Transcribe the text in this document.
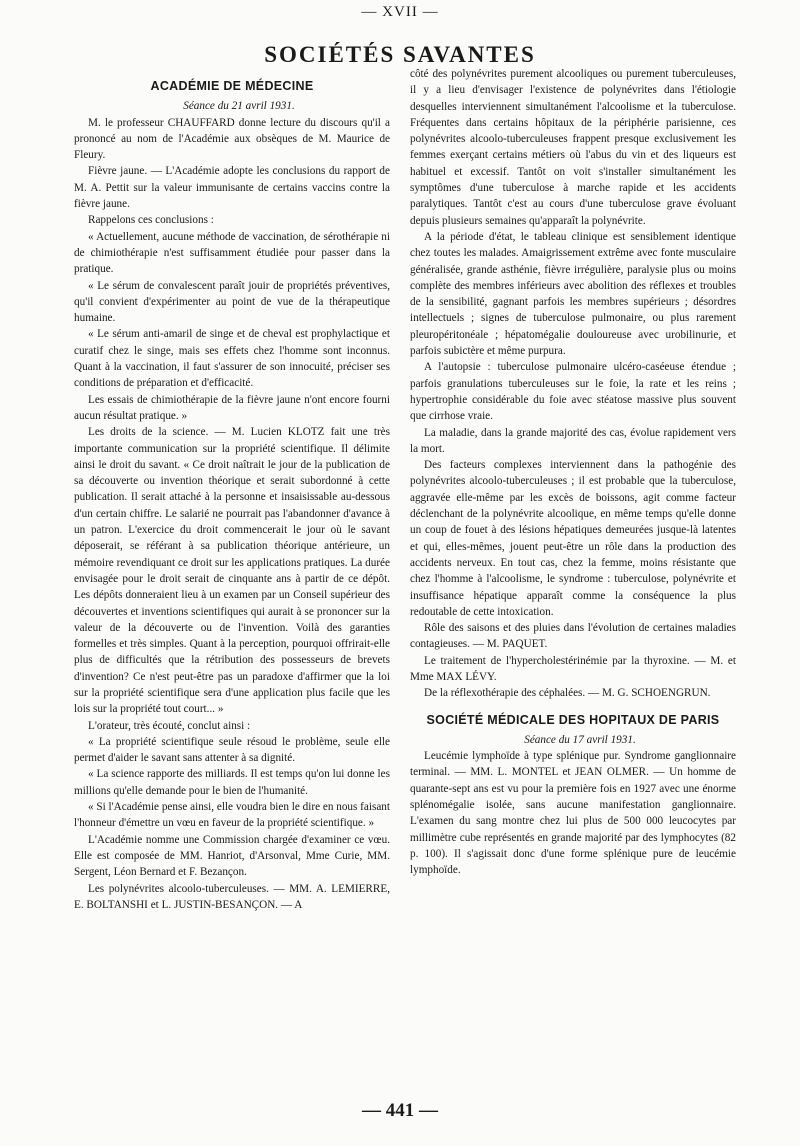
— XVII —
SOCIÉTÉS SAVANTES
ACADÉMIE DE MÉDECINE

Séance du 21 avril 1931.

M. le professeur CHAUFFARD donne lecture du discours qu'il a prononcé au nom de l'Académie aux obsèques de M. Maurice de Fleury.

Fièvre jaune. — L'Académie adopte les conclusions du rapport de M. A. Pettit sur la valeur immunisante de certains vaccins contre la fièvre jaune.

Rappelons ces conclusions :

« Actuellement, aucune méthode de vaccination, de sérothérapie ni de chimiothérapie n'est suffisamment étudiée pour passer dans la pratique.

« Le sérum de convalescent paraît jouir de propriétés préventives, qu'il convient d'expérimenter au point de vue de la thérapeutique humaine.

« Le sérum anti-amaril de singe et de cheval est prophylactique et curatif chez le singe, mais ses effets chez l'homme sont inconnus. Quant à la vaccination, il faut s'assurer de son innocuité, préciser ses conditions de préparation et d'efficacité.

Les essais de chimiothérapie de la fièvre jaune n'ont encore fourni aucun résultat pratique. »

Les droits de la science. — M. Lucien KLOTZ fait une très importante communication sur la propriété scientifique. Il délimite ainsi le droit du savant. « Ce droit naîtrait le jour de la publication de sa découverte ou invention théorique et serait subordonné à cette publication. Il serait attaché à la personne et insaisissable au-dessous d'un certain chiffre. Le salarié ne pourrait pas l'abandonner d'avance à un patron. L'exercice du droit commencerait le jour où le savant déposerait, se référant à sa publication théorique antérieure, un mémoire revendiquant ce droit sur les applications pratiques. La durée envisagée pour le droit serait de cinquante ans à partir de ce dépôt. Les dépôts donneraient lieu à un examen par un Conseil supérieur des découvertes et inventions scientifiques qui aurait à se prononcer sur la valeur de la découverte ou de l'invention. Voilà des garanties formelles et très simples. Quant à la perception, pourquoi offrirait-elle plus de difficultés que la rétribution des possesseurs de brevets d'invention? Ce n'est peut-être pas un paradoxe d'affirmer que la loi sur la propriété scientifique sera d'une application plus facile que les lois sur la propriété tout court... »

L'orateur, très écouté, conclut ainsi :

« La propriété scientifique seule résoud le problème, seule elle permet d'aider le savant sans attenter à sa dignité.

« La science rapporte des milliards. Il est temps qu'on lui donne les millions qu'elle demande pour le bien de l'humanité.

« Si l'Académie pense ainsi, elle voudra bien le dire en nous faisant l'honneur d'émettre un vœu en faveur de la propriété scientifique. »

L'Académie nomme une Commission chargée d'examiner ce vœu. Elle est composée de MM. Hanriot, d'Arsonval, Mme Curie, MM. Sergent, Léon Bernard et F. Bezançon.

Les polynévrites alcoolo-tuberculeuses. — MM. A. LEMIERRE, E. BOLTANSHI et L. JUSTIN-BESANÇON. — A

côté des polynévrites purement alcooliques ou purement tuberculeuses, il y a lieu d'envisager l'existence de polynévrites dans l'étiologie desquelles interviennent simultanément l'alcoolisme et la tuberculose. Fréquentes dans certains hôpitaux de la périphérie parisienne, ces polynévrites alcoolo-tuberculeuses frappent presque exclusivement les femmes exerçant certains métiers où l'abus du vin et des liqueurs est habituel et excessif. Tantôt on voit s'installer simultanément les symptômes d'une tuberculose à marche rapide et les accidents paralytiques. Tantôt c'est au cours d'une tuberculose grave évoluant depuis plusieurs semaines qu'apparaît la polynévrite.

A la période d'état, le tableau clinique est sensiblement identique chez toutes les malades. Amaigrissement extrême avec fonte musculaire généralisée, grande asthénie, fièvre irrégulière, paralysie plus ou moins complète des membres inférieurs avec abolition des réflexes et troubles de la sensibilité, gagnant parfois les membres supérieurs ; désordres intellectuels ; signes de tuberculose pulmonaire, ou plus rarement pleuropéritonéale ; hépatomégalie douloureuse avec urobilinurie, et parfois subictère et même purpura.

A l'autopsie : tuberculose pulmonaire ulcéro-caséeuse étendue ; parfois granulations tuberculeuses sur le foie, la rate et les reins ; hypertrophie considérable du foie avec stéatose massive plus souvent que cirrhose vraie.

La maladie, dans la grande majorité des cas, évolue rapidement vers la mort.

Des facteurs complexes interviennent dans la pathogénie des polynévrites alcoolo-tuberculeuses ; il est probable que la tuberculose, aggravée elle-même par les excès de boissons, agit comme facteur déclenchant de la polynévrite alcoolique, en même temps qu'elle donne un coup de fouet à des lésions hépatiques demeurées jusque-là latentes et qui, elles-mêmes, jouent peut-être un rôle dans la production des accidents nerveux. En tout cas, chez la femme, moins résistante que chez l'homme à l'alcoolisme, le syndrome : tuberculose, polynévrite et insuffisance hépatique apparaît comme la conséquence la plus redoutable de cette intoxication.

Rôle des saisons et des pluies dans l'évolution de certaines maladies contagieuses. — M. PAQUET.

Le traitement de l'hypercholestérinémie par la thyroxine. — M. et Mme MAX LÉVY.

De la réflexothérapie des céphalées. — M. G. SCHOENGRUN.

SOCIÉTÉ MÉDICALE DES HOPITAUX DE PARIS

Séance du 17 avril 1931.

Leucémie lymphoïde à type splénique pur. Syndrome ganglionnaire terminal. — MM. L. MONTEL et JEAN OLMER. — Un homme de quarante-sept ans est vu pour la première fois en 1927 avec une énorme splénomégalie isolée, sans aucune manifestation ganglionnaire. L'examen du sang montre chez lui plus de 500 000 leucocytes par millimètre cube représentés en grande majorité par des lymphocytes (82 p. 100). Il s'agissait donc d'une forme splénique pure de leucémie lymphoïde.

— 441 —
